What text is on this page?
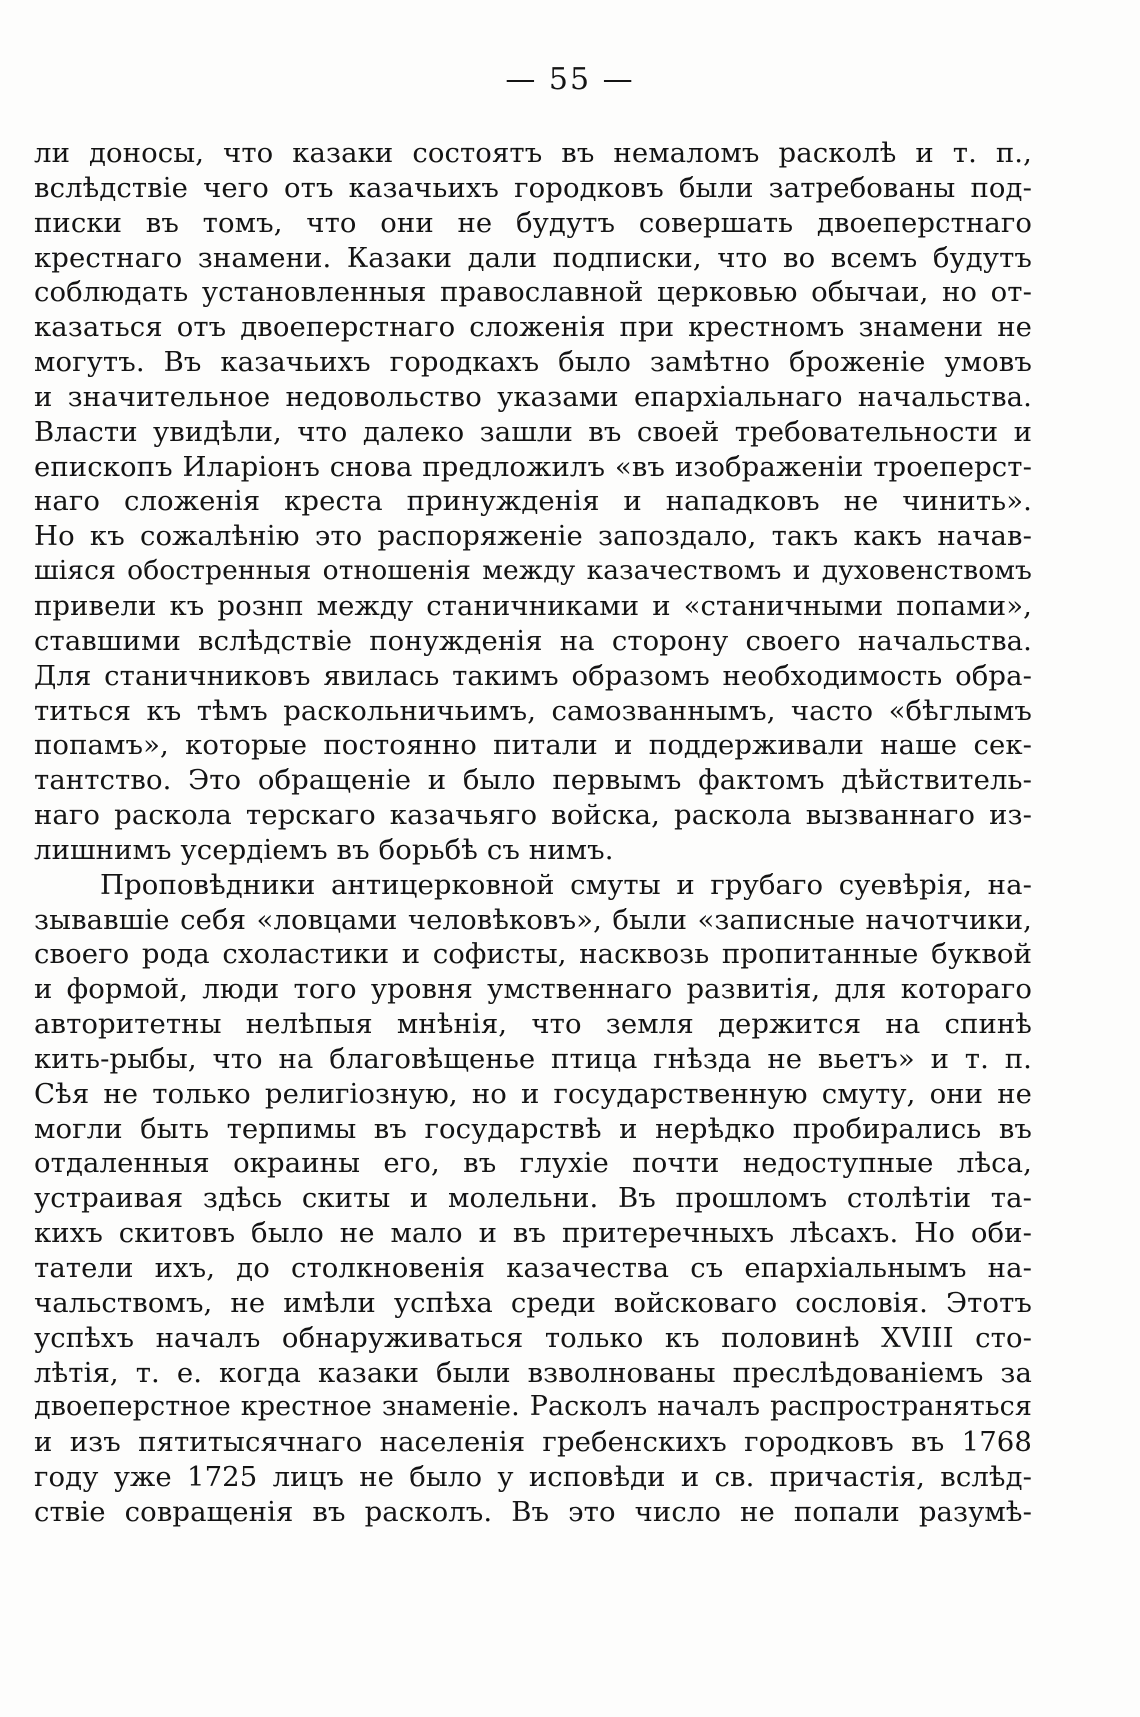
— 55 —
ли доносы, что казаки состоятъ въ немаломъ расколѣ и т. п.,
вслѣдствіе чего отъ казачьихъ городковъ были затребованы под-
писки въ томъ, что они не будутъ совершать двоеперстнаго
крестнаго знамени. Казаки дали подписки, что во всемъ будутъ
соблюдать установленныя православной церковью обычаи, но от-
казаться отъ двоеперстнаго сложенія при крестномъ знамени не
могутъ. Въ казачьихъ городкахъ было замѣтно броженіе умовъ
и значительное недовольство указами епархіальнаго начальства.
Власти увидѣли, что далеко зашли въ своей требовательности и
епископъ Иларіонъ снова предложилъ «въ изображеніи троеперст-
наго сложенія креста принужденія и нападковъ не чинить».
Но къ сожалѣнію это распоряженіе запоздало, такъ какъ начав-
шіяся обостренныя отношенія между казачествомъ и духовенствомъ
привели къ рознп между станичниками и «станичными попами»,
ставшими вслѣдствіе понужденія на сторону своего начальства.
Для станичниковъ явилась такимъ образомъ необходимость обра-
титься къ тѣмъ раскольничьимъ, самозваннымъ, часто «бѣглымъ
попамъ», которые постоянно питали и поддерживали наше сек-
тантство. Это обращеніе и было первымъ фактомъ дѣйствитель-
наго раскола терскаго казачьяго войска, раскола вызваннаго из-
лишнимъ усердіемъ въ борьбѣ съ нимъ.
Проповѣдники антицерковной смуты и грубаго суевѣрія, на-
зывавшіе себя «ловцами человѣковъ», были «записные начотчики,
своего рода схоластики и софисты, насквозь пропитанные буквой
и формой, люди того уровня умственнаго развитія, для котораго
авторитетны нелѣпыя мнѣнія, что земля держится на спинѣ
кить-рыбы, что на благовѣщенье птица гнѣзда не вьетъ» и т. п.
Сѣя не только религіозную, но и государственную смуту, они не
могли быть терпимы въ государствѣ и нерѣдко пробирались въ
отдаленныя окраины его, въ глухіе почти недоступные лѣса,
устраивая здѣсь скиты и молельни. Въ прошломъ столѣтіи та-
кихъ скитовъ было не мало и въ притеречныхъ лѣсахъ. Но оби-
татели ихъ, до столкновенія казачества съ епархіальнымъ на-
чальствомъ, не имѣли успѣха среди войсковаго сословія. Этотъ
успѣхъ началъ обнаруживаться только къ половинѣ XVIII сто-
лѣтія, т. е. когда казаки были взволнованы преслѣдованіемъ за
двоеперстное крестное знаменіе. Расколъ началъ распространяться
и изъ пятитысячнаго населенія гребенскихъ городковъ въ 1768
году уже 1725 лицъ не было у исповѣди и св. причастія, вслѣд-
ствіе совращенія въ расколъ. Въ это число не попали разумѣ-
